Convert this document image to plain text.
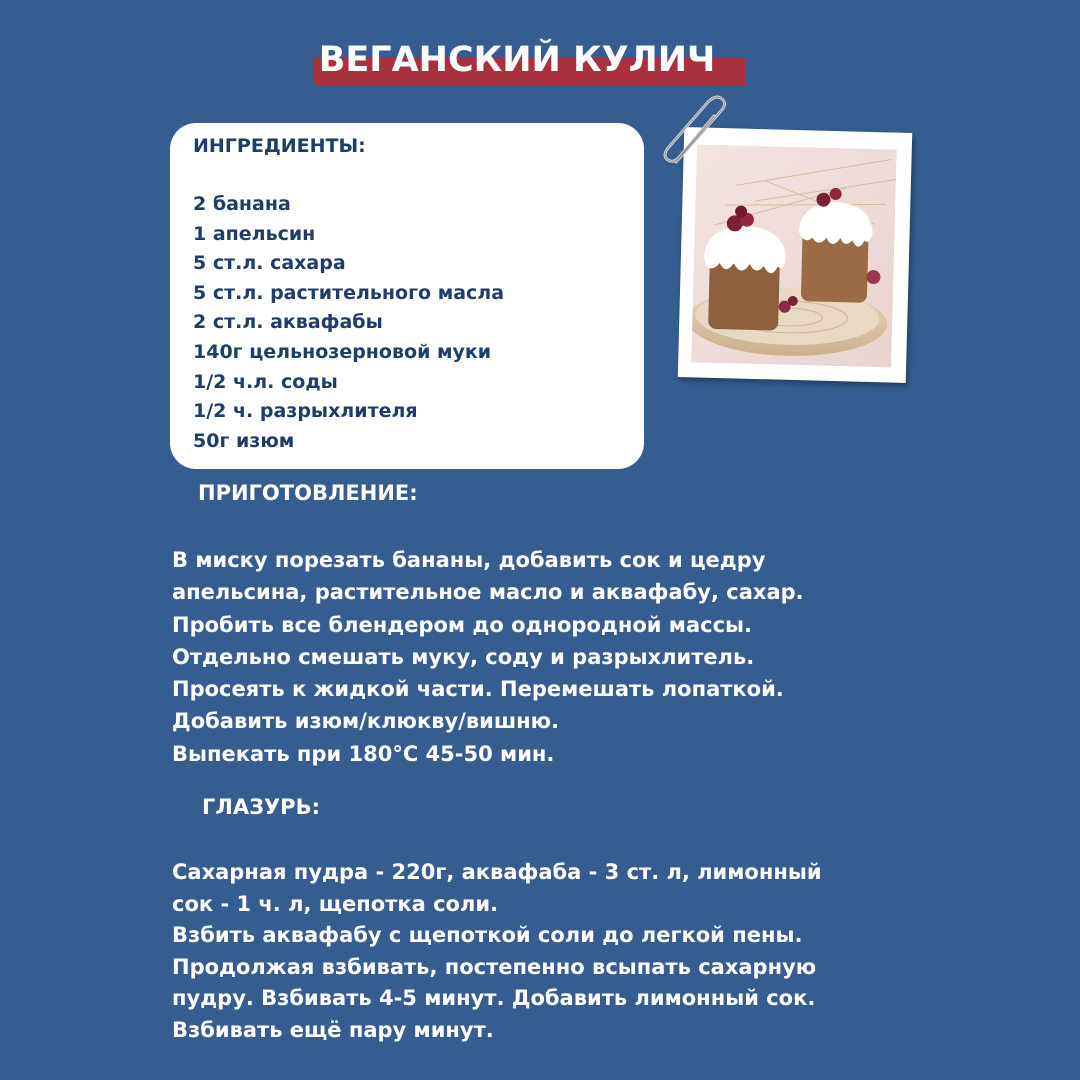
ВЕГАНСКИЙ КУЛИЧ
ИНГРЕДИЕНТЫ:
2 банана
1 апельсин
5 ст.л. сахара
5 ст.л. растительного масла
2 ст.л. аквафабы
140г цельнозерновой муки
1/2 ч.л. соды
1/2 ч. разрыхлителя
50г изюм
ПРИГОТОВЛЕНИЕ:
В миску порезать бананы, добавить сок и цедру
апельсина, растительное масло и аквафабу, сахар.
Пробить все блендером до однородной массы.
Отдельно смешать муку, соду и разрыхлитель.
Просеять к жидкой части. Перемешать лопаткой.
Добавить изюм/клюкву/вишню.
Выпекать при 180°С 45-50 мин.
ГЛАЗУРЬ:
Сахарная пудра - 220г, аквафаба - 3 ст. л, лимонный
сок - 1 ч. л, щепотка соли.
Взбить аквафабу с щепоткой соли до легкой пены.
Продолжая взбивать, постепенно всыпать сахарную
пудру. Взбивать 4-5 минут. Добавить лимонный сок.
Взбивать ещё пару минут.
